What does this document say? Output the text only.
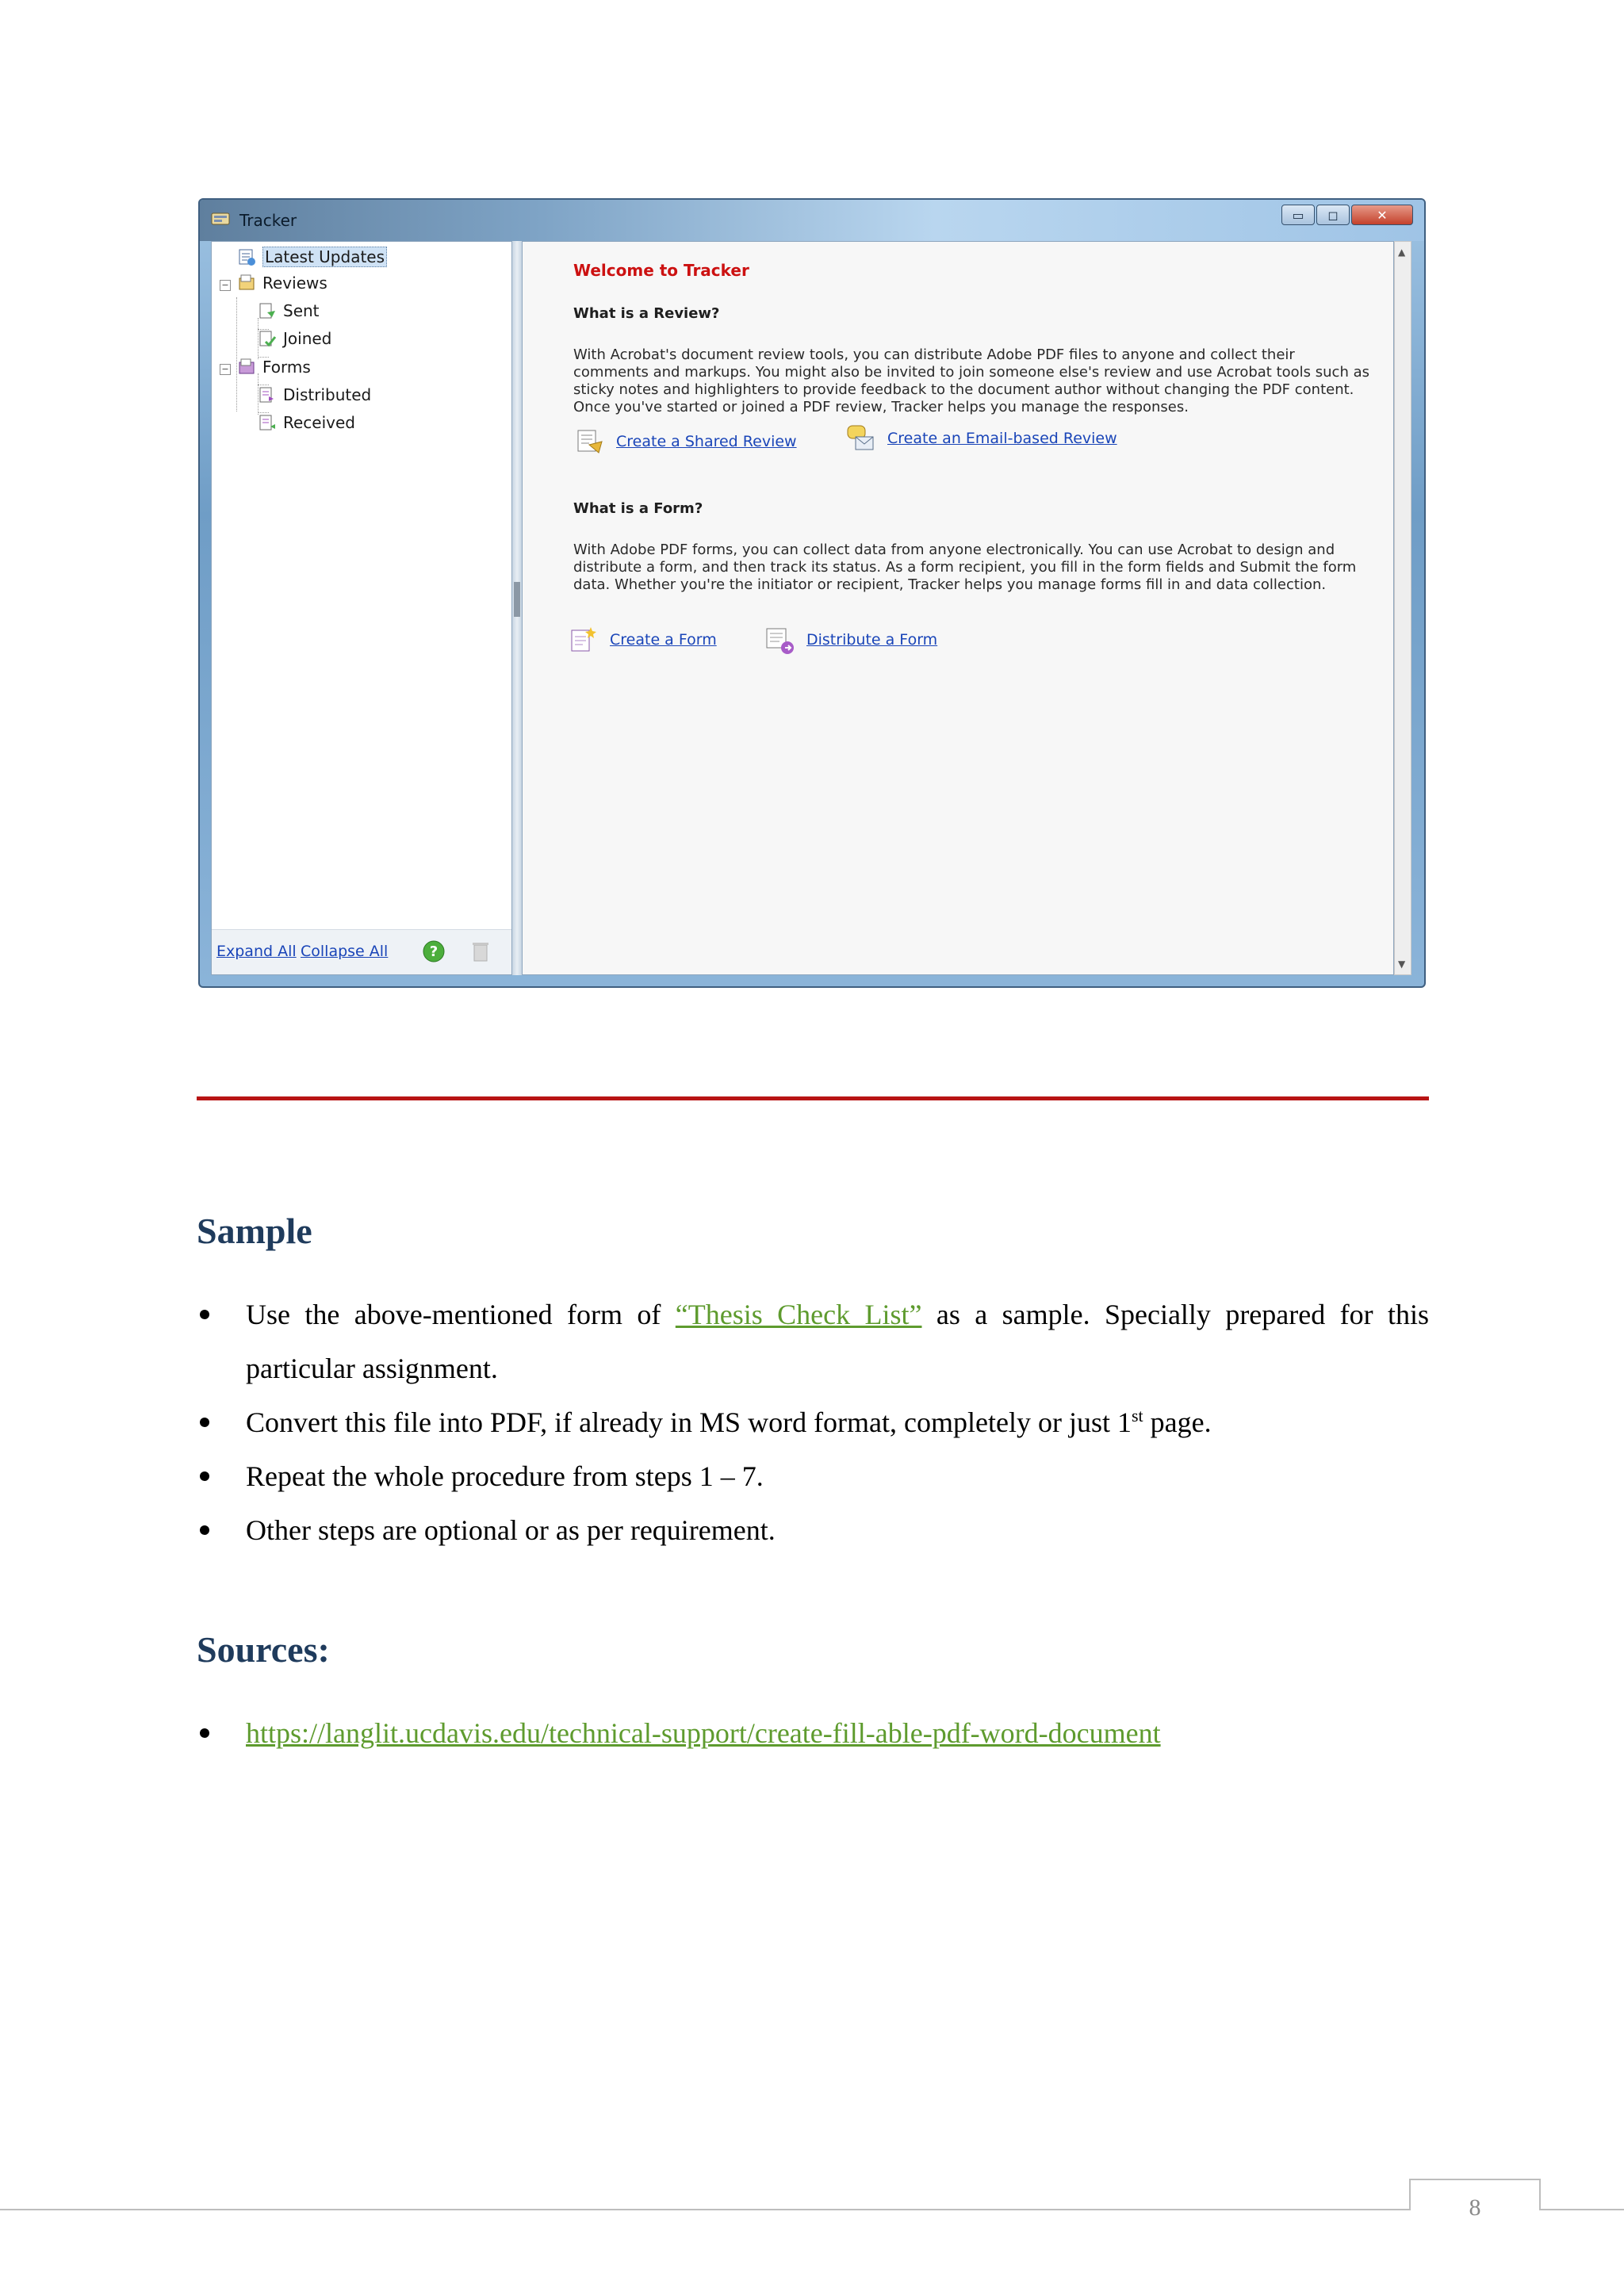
Tracker	▭	◻	✕
Latest Updates
− Reviews
Sent
Joined
− Forms
Distributed
Received
Expand All Collapse All	?
Welcome to Tracker
What is a Review?
With Acrobat's document review tools, you can distribute Adobe PDF files to anyone and collect their comments and markups. You might also be invited to join someone else's review and use Acrobat tools such as sticky notes and highlighters to provide feedback to the document author without changing the PDF content. Once you've started or joined a PDF review, Tracker helps you manage the responses.
Create a Shared Review	Create an Email-based Review
What is a Form?
With Adobe PDF forms, you can collect data from anyone electronically. You can use Acrobat to design and distribute a form, and then track its status. As a form recipient, you fill in the form fields and Submit the form data. Whether you're the initiator or recipient, Tracker helps you manage forms fill in and data collection.
Create a Form	Distribute a Form
▲
▼
Sample
Use the above-mentioned form of “Thesis Check List” as a sample. Specially prepared for this particular assignment.
Convert this file into PDF, if already in MS word format, completely or just 1st page.
Repeat the whole procedure from steps 1 – 7.
Other steps are optional or as per requirement.
Sources:
https://langlit.ucdavis.edu/technical-support/create-fill-able-pdf-word-document
8
